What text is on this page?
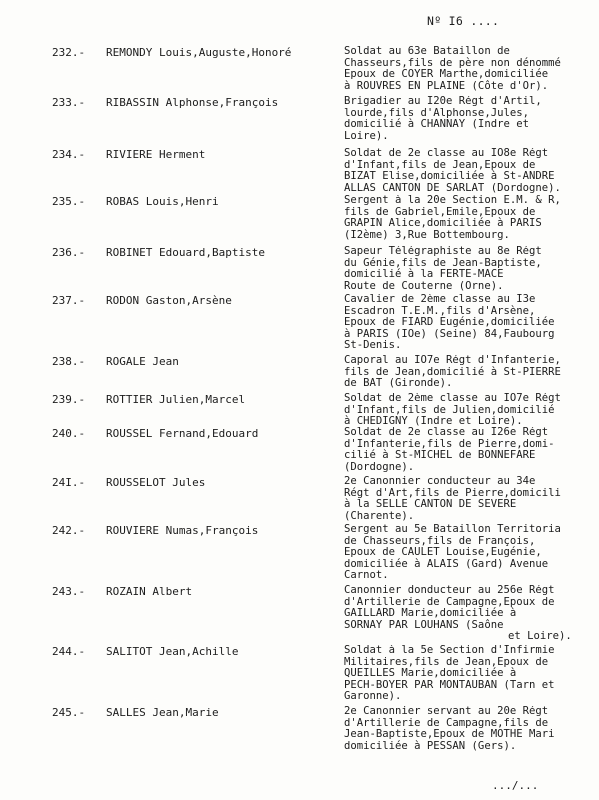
Nº I6 ....
232.-	REMONDY Louis,Auguste,Honoré	Soldat au 63e Bataillon de
Chasseurs,fils de père non dénommé
Epoux de COYER Marthe,domiciliée
à ROUVRES EN PLAINE (Côte d'Or).
233.-	RIBASSIN Alphonse,François	Brigadier au I20e Régt d'Artil,
lourde,fils d'Alphonse,Jules,
domicilié à CHANNAY (Indre et
Loire).
234.-	RIVIERE Herment	Soldat de 2e classe au IO8e Régt
d'Infant,fils de Jean,Epoux de
BIZAT Elise,domiciliée à St-ANDRE
ALLAS CANTON DE SARLAT (Dordogne).
235.-	ROBAS Louis,Henri	Sergent à la 20e Section E.M. & R,
fils de Gabriel,Emile,Epoux de
GRAPIN Alice,domiciliée à PARIS
(I2ème) 3,Rue Bottembourg.
236.-	ROBINET Edouard,Baptiste	Sapeur Télégraphiste au 8e Régt
du Génie,fils de Jean-Baptiste,
domicilié à la FERTE-MACE
Route de Couterne (Orne).
237.-	RODON Gaston,Arsène	Cavalier de 2ème classe au I3e
Escadron T.E.M.,fils d'Arsène,
Epoux de FIARD Eugénie,domiciliée
à PARIS (IOe) (Seine) 84,Faubourg
St-Denis.
238.-	ROGALE Jean	Caporal au IO7e Régt d'Infanterie,
fils de Jean,domicilié à St-PIERRE
de BAT (Gironde).
239.-	ROTTIER Julien,Marcel	Soldat de 2ème classe au IO7e Régt
d'Infant,fils de Julien,domicilié
à CHEDIGNY (Indre et Loire).
240.-	ROUSSEL Fernand,Edouard	Soldat de 2e classe au I26e Régt
d'Infanterie,fils de Pierre,domi-
cilié à St-MICHEL de BONNEFARE
(Dordogne).
24I.-	ROUSSELOT Jules	2e Canonnier conducteur au 34e
Régt d'Art,fils de Pierre,domicili
à la SELLE CANTON DE SEVERE
(Charente).
242.-	ROUVIERE Numas,François	Sergent au 5e Bataillon Territoria
de Chasseurs,fils de François,
Epoux de CAULET Louise,Eugénie,
domiciliée à ALAIS (Gard) Avenue
Carnot.
243.-	ROZAIN Albert	Canonnier donducteur au 256e Régt
d'Artillerie de Campagne,Epoux de
GAILLARD Marie,domiciliée à
SORNAY PAR LOUHANS (Saône
et Loire).
244.-	SALITOT Jean,Achille	Soldat à la 5e Section d'Infirmie
Militaires,fils de Jean,Epoux de
QUEILLES Marie,domiciliée à
PECH-BOYER PAR MONTAUBAN (Tarn et
Garonne).
245.-	SALLES Jean,Marie	2e Canonnier servant au 20e Régt
d'Artillerie de Campagne,fils de
Jean-Baptiste,Epoux de MOTHE Mari
domiciliée à PESSAN (Gers).
.../...
